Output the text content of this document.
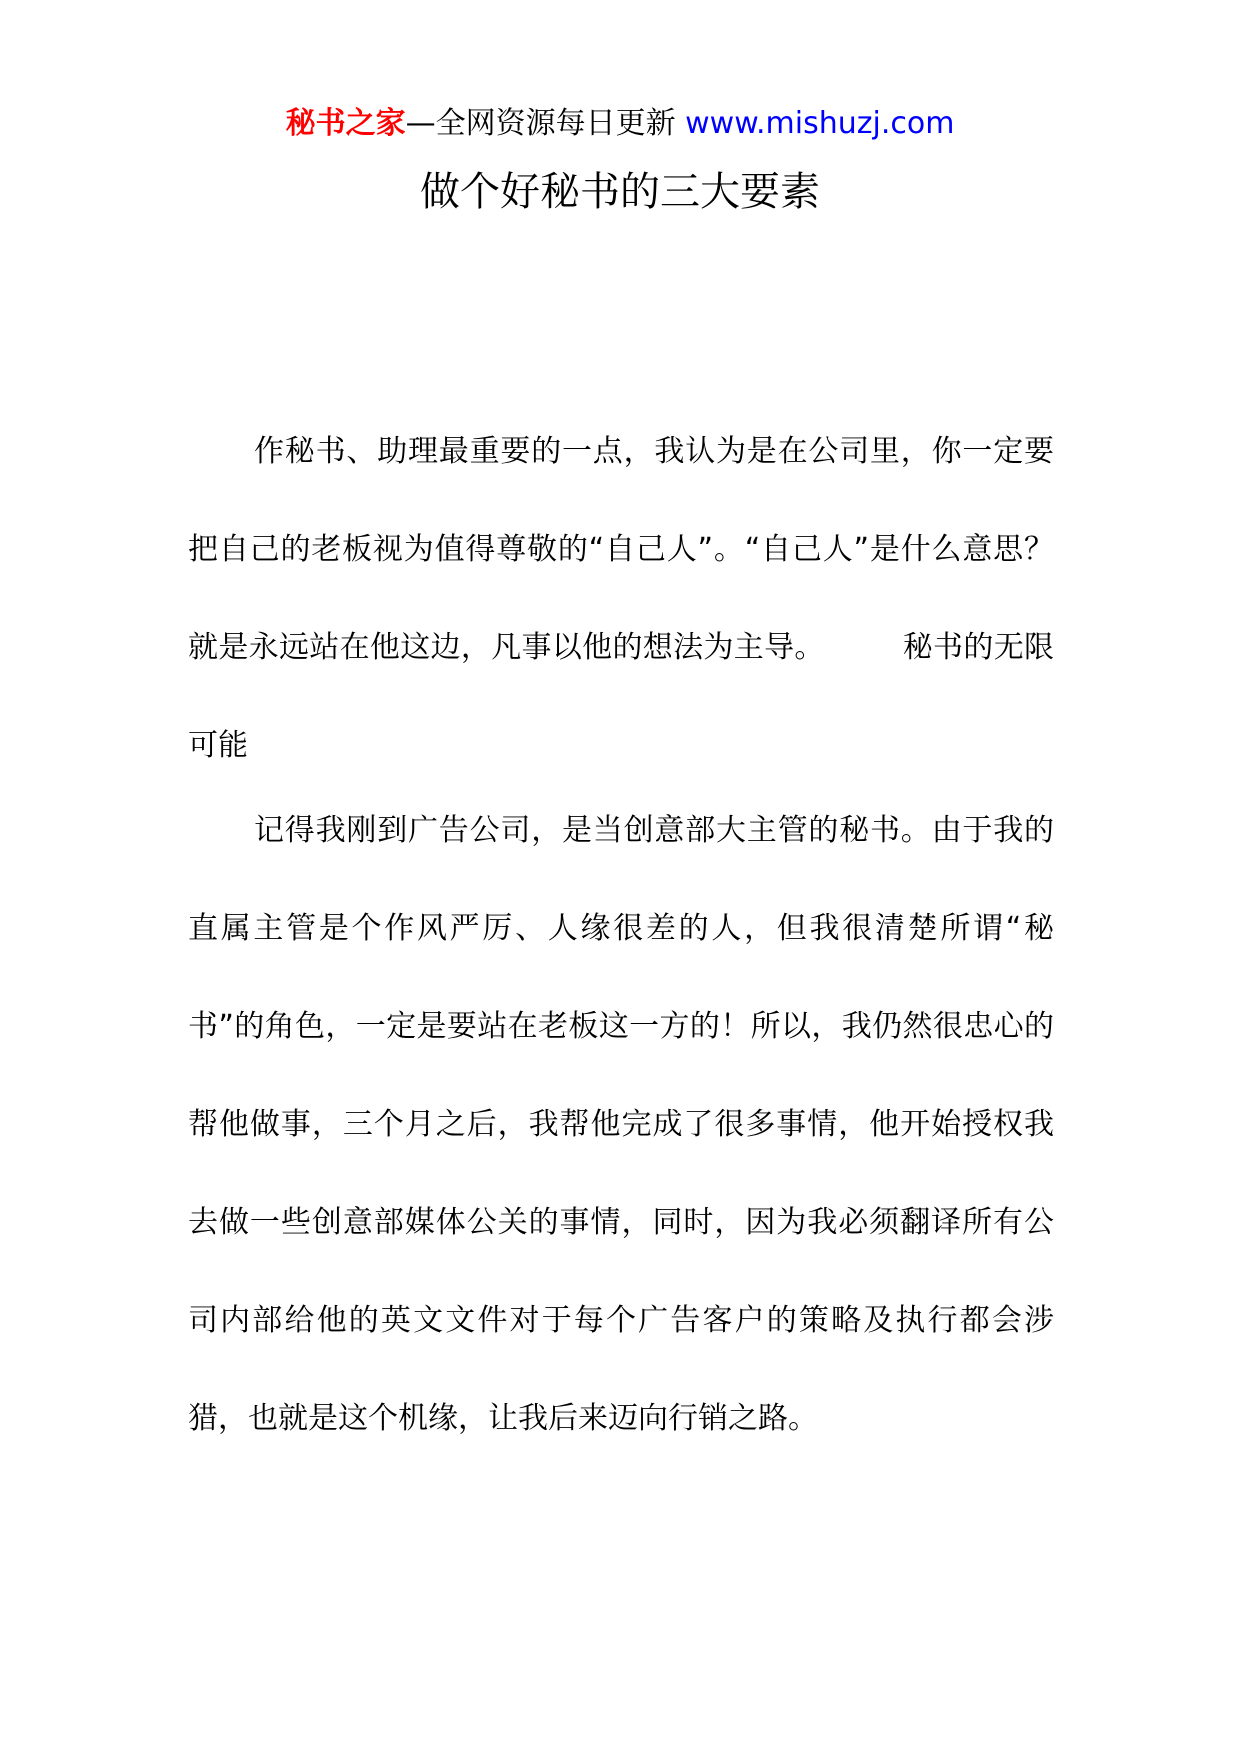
秘书之家—全网资源每日更新 www.mishuzj.com
做个好秘书的三大要素

作秘书、助理最重要的一点，我认为是在公司里，你一定要把自己的老板视为值得尊敬的“自己人”。“自己人”是什么意思？就是永远站在他这边，凡事以他的想法为主导。	秘书的无限可能

记得我刚到广告公司，是当创意部大主管的秘书。由于我的直属主管是个作风严厉、人缘很差的人，但我很清楚所谓“秘书”的角色，一定是要站在老板这一方的！所以，我仍然很忠心的帮他做事，三个月之后，我帮他完成了很多事情，他开始授权我去做一些创意部媒体公关的事情，同时，因为我必须翻译所有公司内部给他的英文文件对于每个广告客户的策略及执行都会涉猎，也就是这个机缘，让我后来迈向行销之路。
